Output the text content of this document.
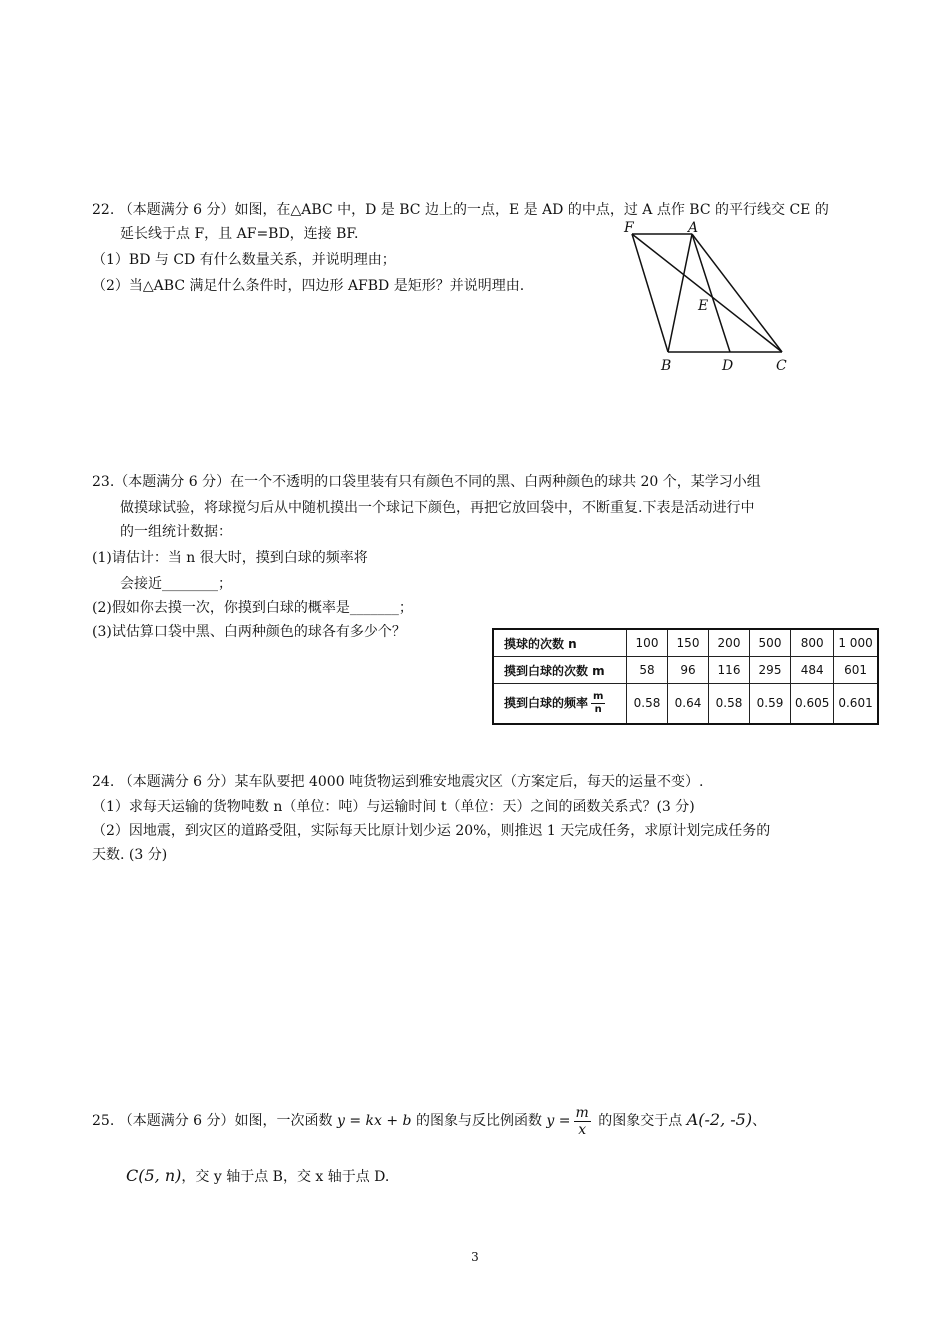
22. （本题满分 6 分）如图，在△ABC 中，D 是 BC 边上的一点，E 是 AD 的中点，过 A 点作 BC 的平行线交 CE 的
延长线于点 F，且 AF=BD，连接 BF.
（1）BD 与 CD 有什么数量关系，并说明理由；
（2）当△ABC 满足什么条件时，四边形 AFBD 是矩形？并说明理由.
F	A
E
B	D	C
23.（本题满分 6 分）在一个不透明的口袋里装有只有颜色不同的黑、白两种颜色的球共 20 个，某学习小组
做摸球试验，将球搅匀后从中随机摸出一个球记下颜色，再把它放回袋中，不断重复.下表是活动进行中
的一组统计数据：
(1)请估计：当 n 很大时，摸到白球的频率将
会接近________；
(2)假如你去摸一次，你摸到白球的概率是_______；
(3)试估算口袋中黑、白两种颜色的球各有多少个？
摸球的次数 n	100	150	200	500	800	1 000
摸到白球的次数 m	58	96	116	295	484	601
摸到白球的频率 $\frac{m}{n}$	0.58	0.64	0.58	0.59	0.605	0.601
24. （本题满分 6 分）某车队要把 4000 吨货物运到雅安地震灾区（方案定后，每天的运量不变）.
（1）求每天运输的货物吨数 n（单位：吨）与运输时间 t（单位：天）之间的函数关系式？(3 分)
（2）因地震，到灾区的道路受阻，实际每天比原计划少运 20%，则推迟 1 天完成任务，求原计划完成任务的
天数. (3 分)
25. （本题满分 6 分）如图，一次函数 y = kx + b 的图象与反比例函数 $y = \frac{m}{x}$ 的图象交于点 A(-2, -5)、
C(5, n)，交 y 轴于点 B，交 x 轴于点 D.
3
